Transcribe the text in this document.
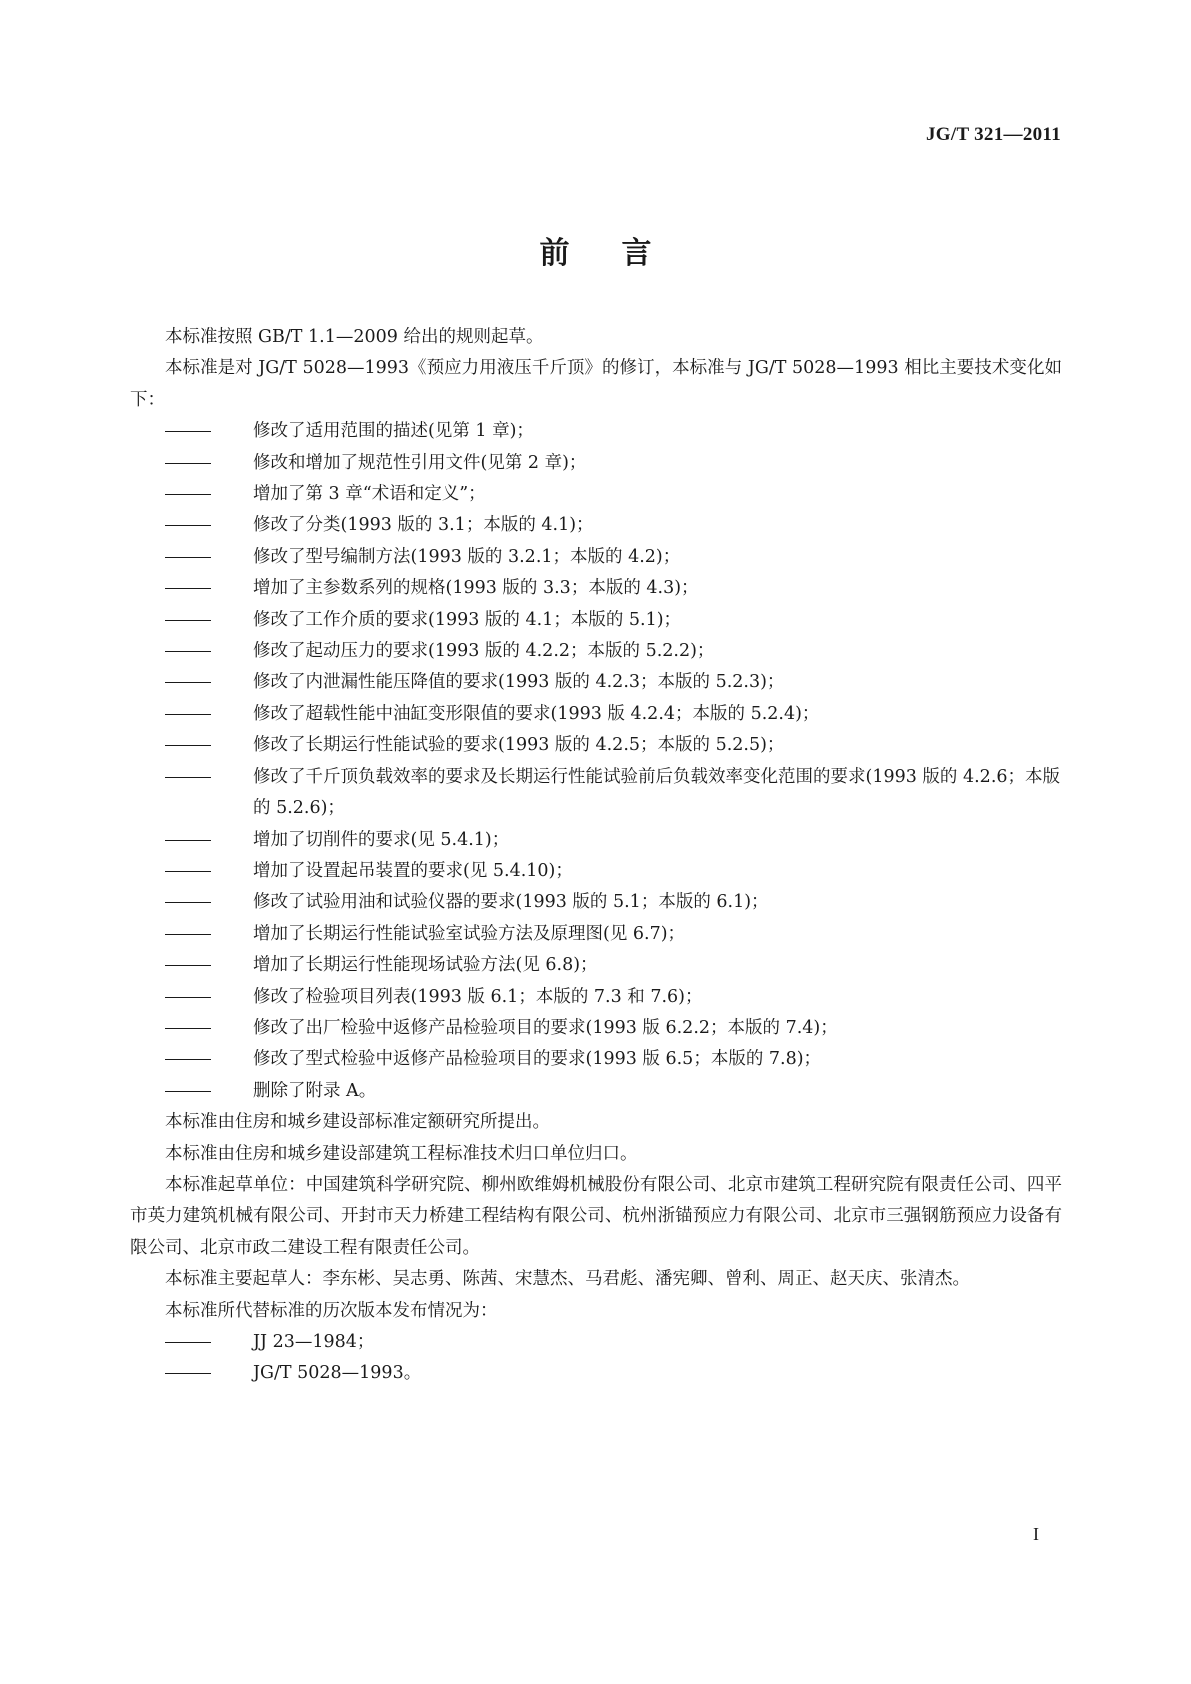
JG/T 321—2011
前言

本标准按照 GB/T 1.1—2009 给出的规则起草。

本标准是对 JG/T 5028—1993《预应力用液压千斤顶》的修订，本标准与 JG/T 5028—1993 相比主要技术变化如下：

修改了适用范围的描述(见第 1 章)；

修改和增加了规范性引用文件(见第 2 章)；

增加了第 3 章“术语和定义”；

修改了分类(1993 版的 3.1；本版的 4.1)；

修改了型号编制方法(1993 版的 3.2.1；本版的 4.2)；

增加了主参数系列的规格(1993 版的 3.3；本版的 4.3)；

修改了工作介质的要求(1993 版的 4.1；本版的 5.1)；

修改了起动压力的要求(1993 版的 4.2.2；本版的 5.2.2)；

修改了内泄漏性能压降值的要求(1993 版的 4.2.3；本版的 5.2.3)；

修改了超载性能中油缸变形限值的要求(1993 版 4.2.4；本版的 5.2.4)；

修改了长期运行性能试验的要求(1993 版的 4.2.5；本版的 5.2.5)；

修改了千斤顶负载效率的要求及长期运行性能试验前后负载效率变化范围的要求(1993 版的 4.2.6；本版的 5.2.6)；

增加了切削件的要求(见 5.4.1)；

增加了设置起吊装置的要求(见 5.4.10)；

修改了试验用油和试验仪器的要求(1993 版的 5.1；本版的 6.1)；

增加了长期运行性能试验室试验方法及原理图(见 6.7)；

增加了长期运行性能现场试验方法(见 6.8)；

修改了检验项目列表(1993 版 6.1；本版的 7.3 和 7.6)；

修改了出厂检验中返修产品检验项目的要求(1993 版 6.2.2；本版的 7.4)；

修改了型式检验中返修产品检验项目的要求(1993 版 6.5；本版的 7.8)；

删除了附录 A。

本标准由住房和城乡建设部标准定额研究所提出。

本标准由住房和城乡建设部建筑工程标准技术归口单位归口。

本标准起草单位：中国建筑科学研究院、柳州欧维姆机械股份有限公司、北京市建筑工程研究院有限责任公司、四平市英力建筑机械有限公司、开封市天力桥建工程结构有限公司、杭州浙锚预应力有限公司、北京市三强钢筋预应力设备有限公司、北京市政二建设工程有限责任公司。

本标准主要起草人：李东彬、吴志勇、陈茜、宋慧杰、马君彪、潘宪卿、曾利、周正、赵天庆、张清杰。

本标准所代替标准的历次版本发布情况为：

JJ 23—1984；

JG/T 5028—1993。

I
